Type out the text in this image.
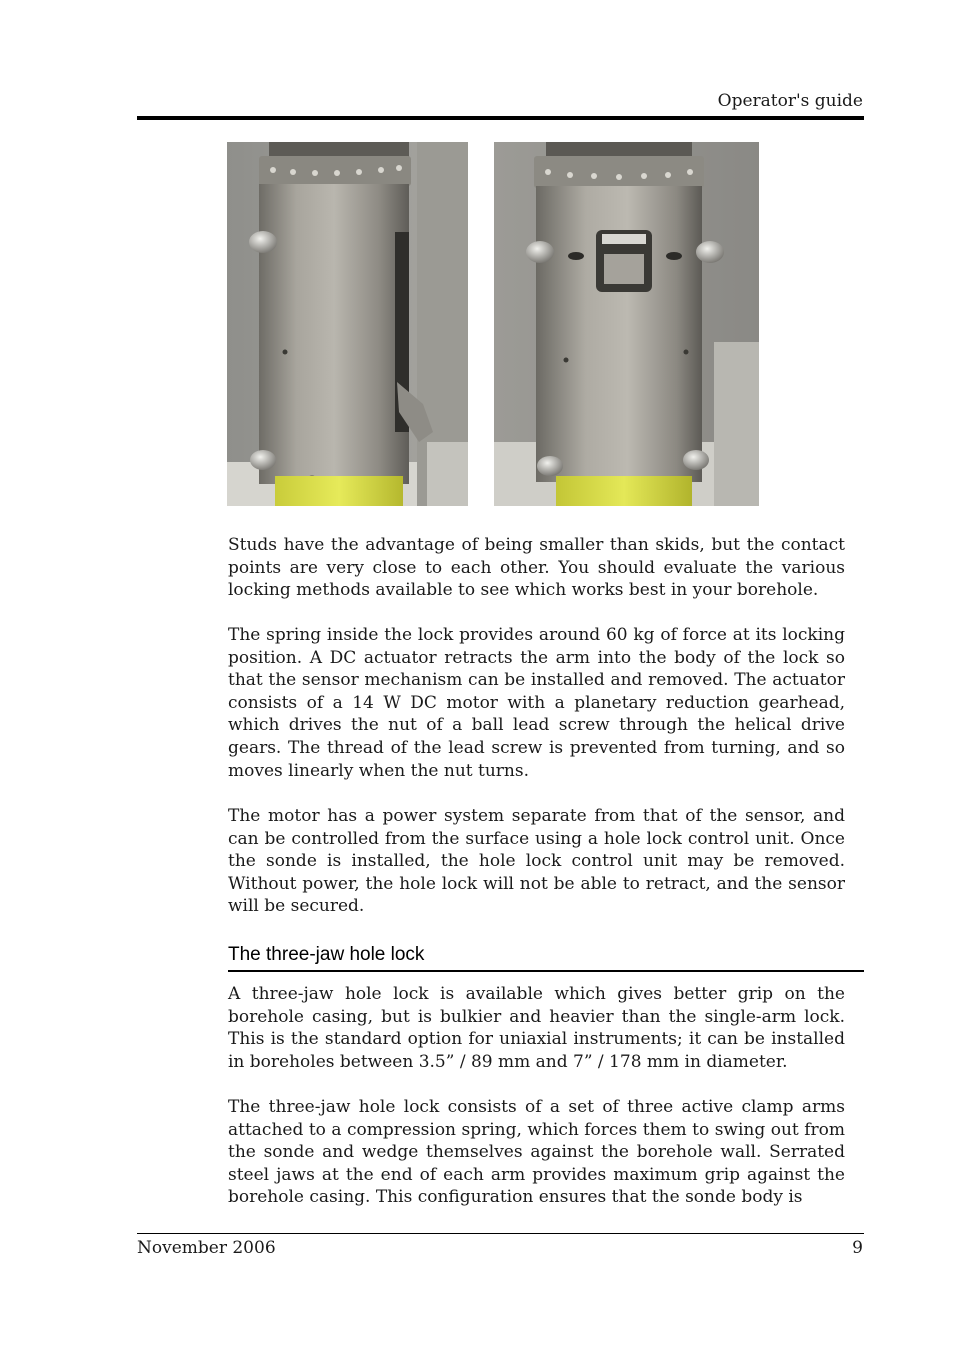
Operator's guide

Studs have the advantage of being smaller than skids, but the contact points are very close to each other. You should evaluate the various locking methods available to see which works best in your borehole.

The spring inside the lock provides around 60 kg of force at its locking position. A DC actuator retracts the arm into the body of the lock so that the sensor mechanism can be installed and removed. The actuator consists of a 14 W DC motor with a planetary reduction gearhead, which drives the nut of a ball lead screw through the helical drive gears. The thread of the lead screw is prevented from turning, and so moves linearly when the nut turns.

The motor has a power system separate from that of the sensor, and can be controlled from the surface using a hole lock control unit. Once the sonde is installed, the hole lock control unit may be removed. Without power, the hole lock will not be able to retract, and the sensor will be secured.

The three-jaw hole lock

A three-jaw hole lock is available which gives better grip on the borehole casing, but is bulkier and heavier than the single-arm lock. This is the standard option for uniaxial instruments; it can be installed in boreholes between 3.5” / 89 mm and 7” / 178 mm in diameter.

The three-jaw hole lock consists of a set of three active clamp arms attached to a compression spring, which forces them to swing out from the sonde and wedge themselves against the borehole wall. Serrated steel jaws at the end of each arm provides maximum grip against the borehole casing. This configuration ensures that the sonde body is

November 2006	9
